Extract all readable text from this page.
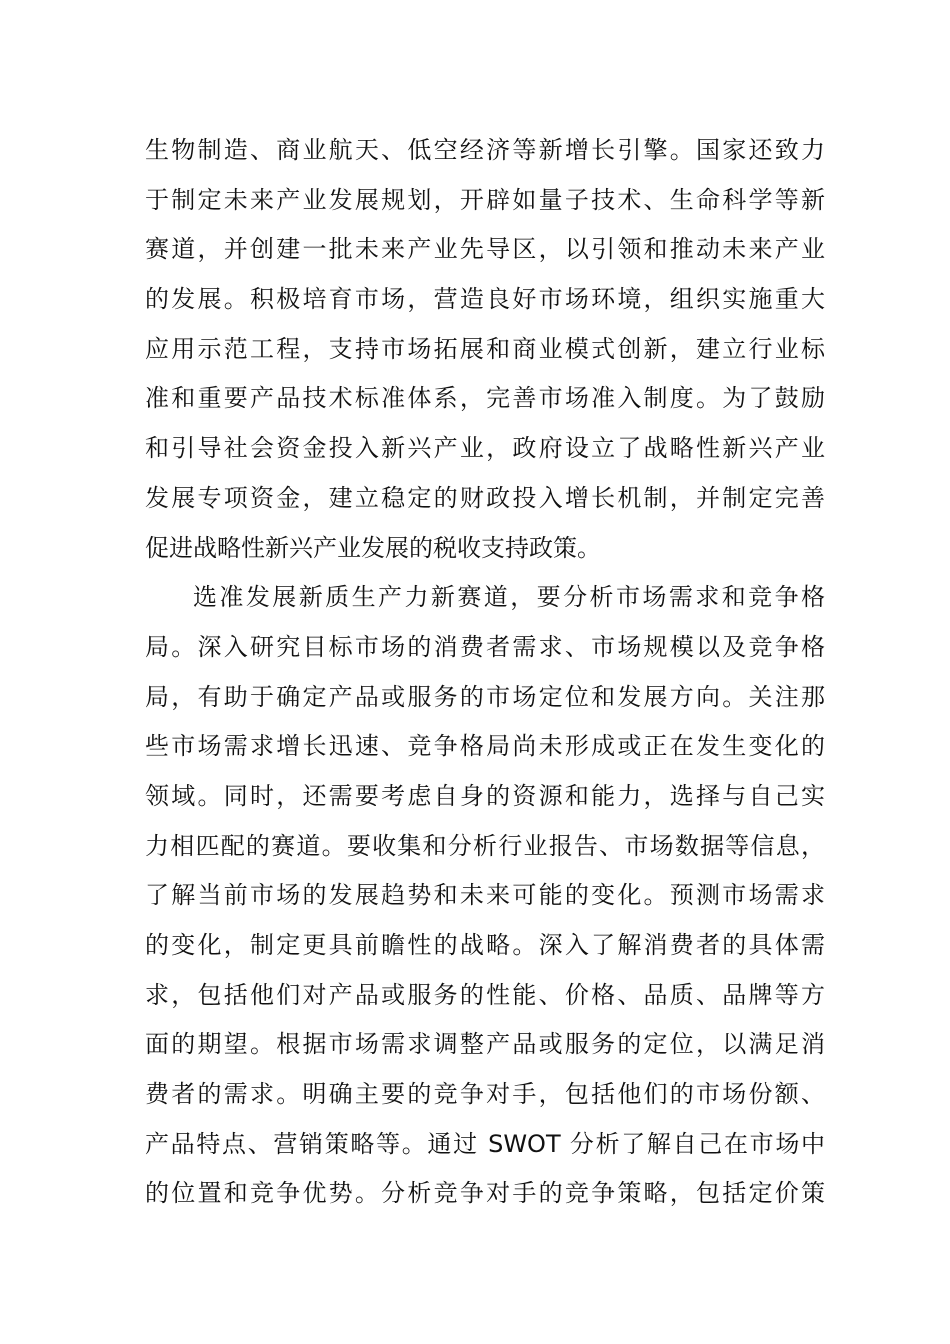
生物制造、商业航天、低空经济等新增长引擎。国家还致力
于制定未来产业发展规划，开辟如量子技术、生命科学等新
赛道，并创建一批未来产业先导区，以引领和推动未来产业
的发展。积极培育市场，营造良好市场环境，组织实施重大
应用示范工程，支持市场拓展和商业模式创新，建立行业标
准和重要产品技术标准体系，完善市场准入制度。为了鼓励
和引导社会资金投入新兴产业，政府设立了战略性新兴产业
发展专项资金，建立稳定的财政投入增长机制，并制定完善
促进战略性新兴产业发展的税收支持政策。
选准发展新质生产力新赛道，要分析市场需求和竞争格
局。深入研究目标市场的消费者需求、市场规模以及竞争格
局，有助于确定产品或服务的市场定位和发展方向。关注那
些市场需求增长迅速、竞争格局尚未形成或正在发生变化的
领域。同时，还需要考虑自身的资源和能力，选择与自己实
力相匹配的赛道。要收集和分析行业报告、市场数据等信息，
了解当前市场的发展趋势和未来可能的变化。预测市场需求
的变化，制定更具前瞻性的战略。深入了解消费者的具体需
求，包括他们对产品或服务的性能、价格、品质、品牌等方
面的期望。根据市场需求调整产品或服务的定位，以满足消
费者的需求。明确主要的竞争对手，包括他们的市场份额、
产品特点、营销策略等。通过 SWOT 分析了解自己在市场中
的位置和竞争优势。分析竞争对手的竞争策略，包括定价策
